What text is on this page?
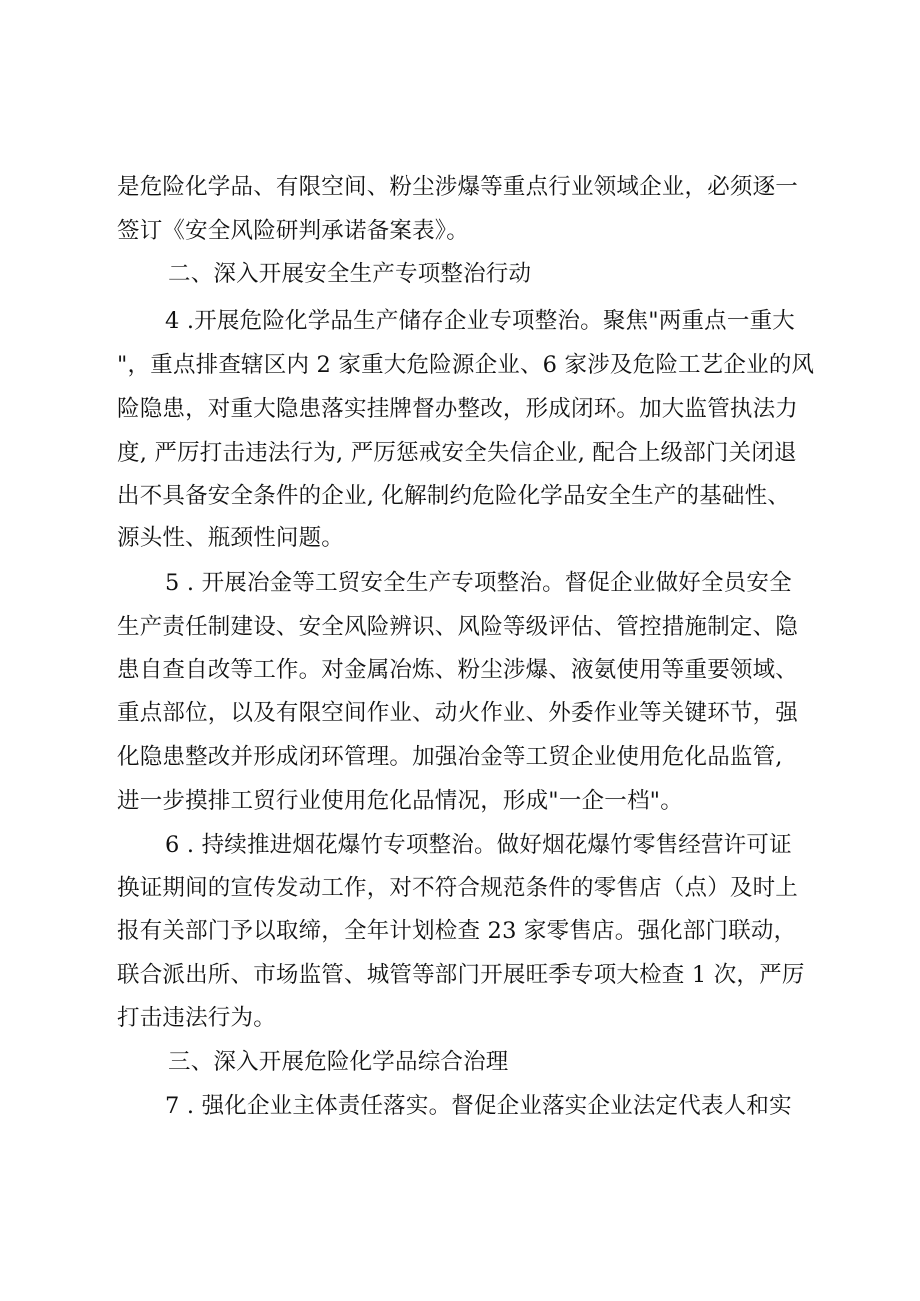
是危险化学品、有限空间、粉尘涉爆等重点行业领域企业，必须逐一
签订《安全风险研判承诺备案表》。
二、深入开展安全生产专项整治行动
4 .开展危险化学品生产储存企业专项整治。聚焦"两重点一重大
"，重点排查辖区内 2 家重大危险源企业、6 家涉及危险工艺企业的风
险隐患，对重大隐患落实挂牌督办整改，形成闭环。加大监管执法力
度, 严厉打击违法行为, 严厉惩戒安全失信企业, 配合上级部门关闭退
出不具备安全条件的企业, 化解制约危险化学品安全生产的基础性、
源头性、瓶颈性问题。
5 . 开展冶金等工贸安全生产专项整治。督促企业做好全员安全
生产责任制建设、安全风险辨识、风险等级评估、管控措施制定、隐
患自查自改等工作。对金属冶炼、粉尘涉爆、液氨使用等重要领域、
重点部位，以及有限空间作业、动火作业、外委作业等关键环节，强
化隐患整改并形成闭环管理。加强冶金等工贸企业使用危化品监管,
进一步摸排工贸行业使用危化品情况，形成"一企一档"。
6 . 持续推进烟花爆竹专项整治。做好烟花爆竹零售经营许可证
换证期间的宣传发动工作，对不符合规范条件的零售店（点）及时上
报有关部门予以取缔，全年计划检查 23 家零售店。强化部门联动，
联合派出所、市场监管、城管等部门开展旺季专项大检查 1 次，严厉
打击违法行为。
三、深入开展危险化学品综合治理
7 . 强化企业主体责任落实。督促企业落实企业法定代表人和实
